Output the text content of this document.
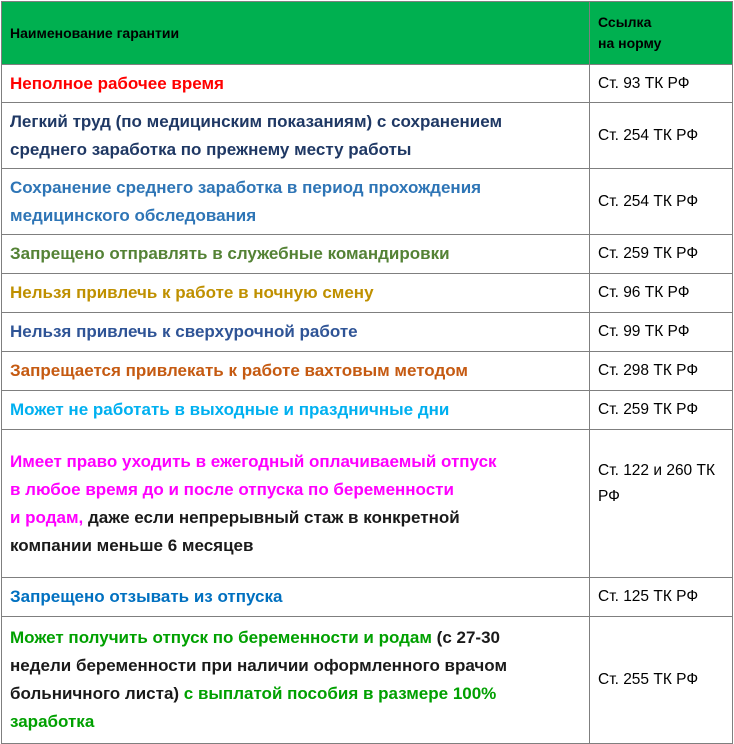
Наименование гарантии	Ссылка
на норму
Неполное рабочее время	Ст. 93 ТК РФ
Легкий труд (по медицинским показаниям) с сохранением
среднего заработка по прежнему месту работы	Ст. 254 ТК РФ
Сохранение среднего заработка в период прохождения
медицинского обследования	Ст. 254 ТК РФ
Запрещено отправлять в служебные командировки	Ст. 259 ТК РФ
Нельзя привлечь к работе в ночную смену	Ст. 96 ТК РФ
Нельзя привлечь к сверхурочной работе	Ст. 99 ТК РФ
Запрещается привлекать к работе вахтовым методом	Ст. 298 ТК РФ
Может не работать в выходные и праздничные дни	Ст. 259 ТК РФ
Имеет право уходить в ежегодный оплачиваемый отпуск
в любое время до и после отпуска по беременности
и родам, даже если непрерывный стаж в конкретной
компании меньше 6 месяцев	Ст. 122 и 260 ТК РФ
Запрещено отзывать из отпуска	Ст. 125 ТК РФ
Может получить отпуск по беременности и родам (с 27-30
недели беременности при наличии оформленного врачом
больничного листа) с выплатой пособия в размере 100%
заработка	Ст. 255 ТК РФ
